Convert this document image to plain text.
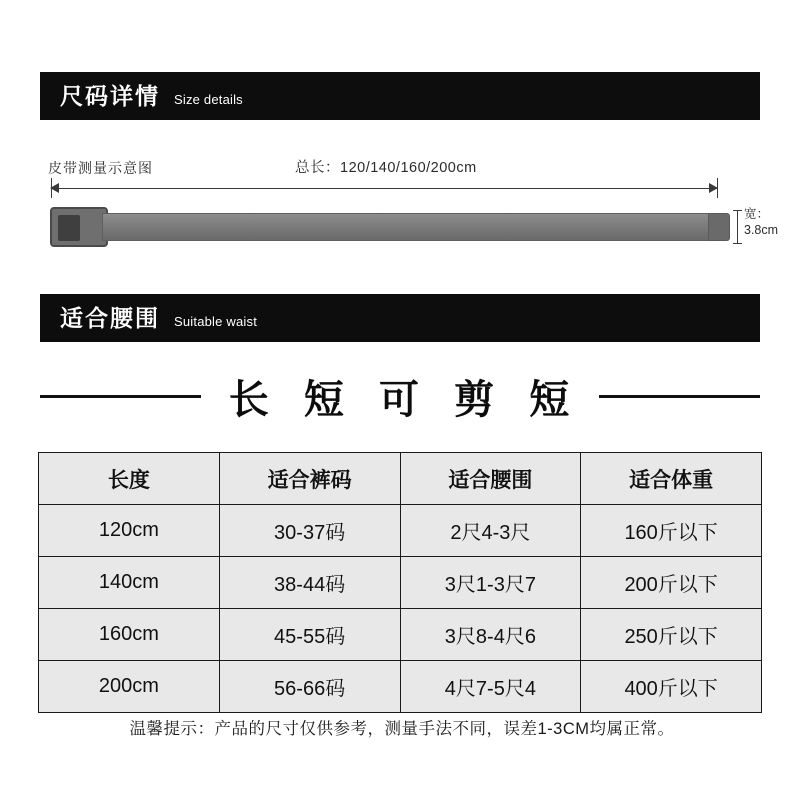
尺码详情 Size details
皮带测量示意图	总长：120/140/160/200cm
宽：
3.8cm
适合腰围 Suitable waist
长 短 可 剪 短
长度	适合裤码	适合腰围	适合体重
120cm	30-37码	2尺4-3尺	160斤以下
140cm	38-44码	3尺1-3尺7	200斤以下
160cm	45-55码	3尺8-4尺6	250斤以下
200cm	56-66码	4尺7-5尺4	400斤以下
温馨提示：产品的尺寸仅供参考，测量手法不同，误差1-3CM均属正常。
